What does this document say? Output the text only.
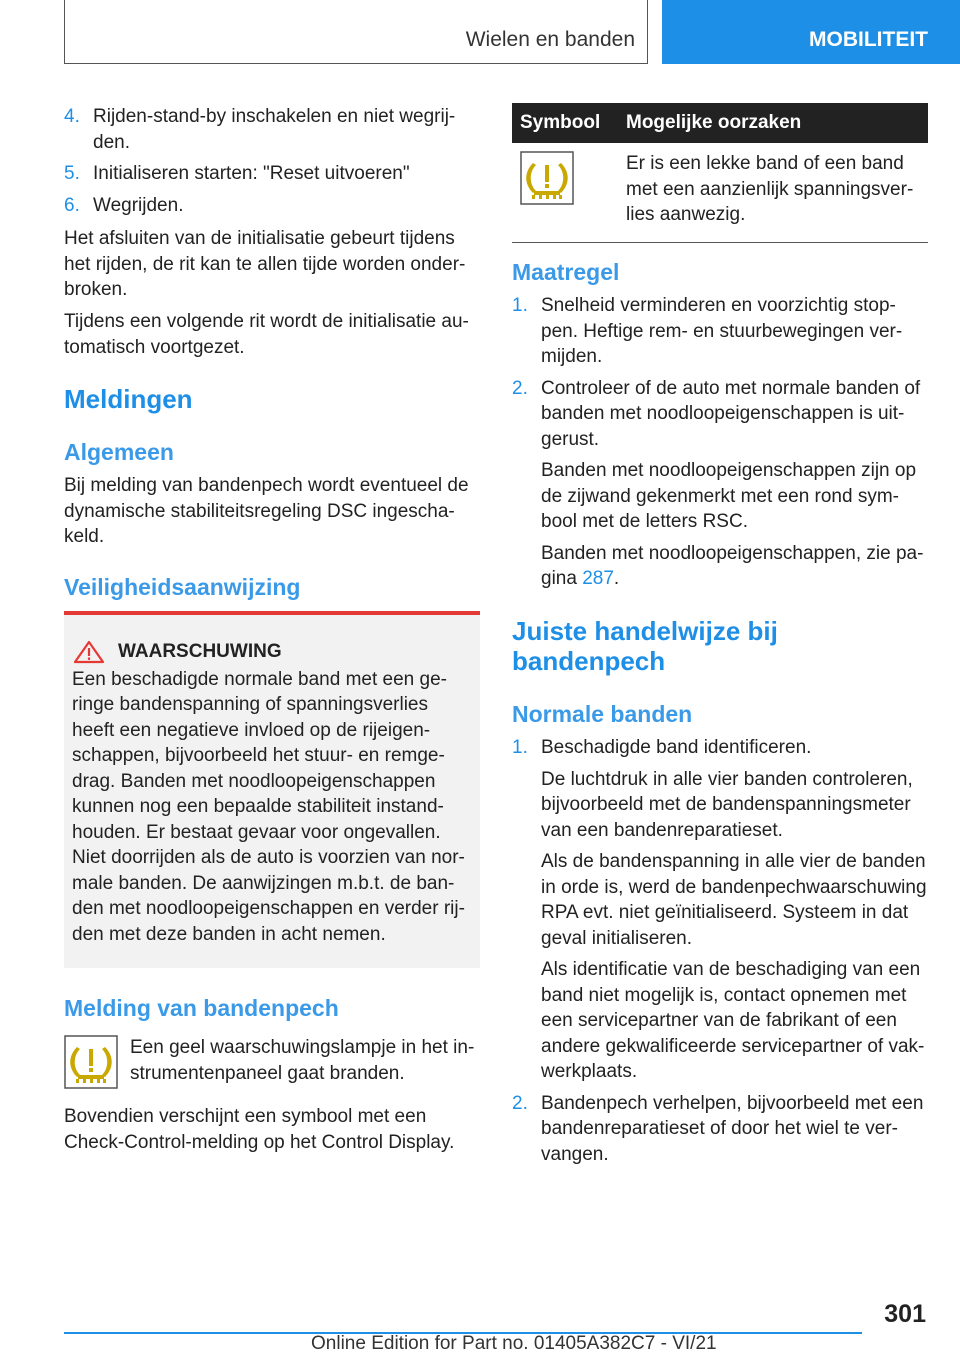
Wielen en banden	MOBILITEIT
4. Rijden-stand-by inschakelen en niet wegrij-den.

5. Initialiseren starten: "Reset uitvoeren"

6. Wegrijden.

Het afsluiten van de initialisatie gebeurt tijdens het rijden, de rit kan te allen tijde worden onder-broken.

Tijdens een volgende rit wordt de initialisatie au-tomatisch voortgezet.

Meldingen
Algemeen

Bij melding van bandenpech wordt eventueel de dynamische stabiliteitsregeling DSC ingescha-keld.

Veiligheidsaanwijzing
WAARSCHUWING

Een beschadigde normale band met een ge-ringe bandenspanning of spanningsverlies heeft een negatieve invloed op de rijeigen-schappen, bijvoorbeeld het stuur- en remge-drag. Banden met noodloopeigenschappen kunnen nog een bepaalde stabiliteit instand-houden. Er bestaat gevaar voor ongevallen. Niet doorrijden als de auto is voorzien van nor-male banden. De aanwijzingen m.b.t. de ban-den met noodloopeigenschappen en verder rij-den met deze banden in acht nemen.

Melding van bandenpech

Een geel waarschuwingslampje in het in-strumentenpaneel gaat branden.

Bovendien verschijnt een symbool met een Check-Control-melding op het Control Display.

Symbool	Mogelijke oorzaken
	Er is een lekke band of een band met een aanzienlijk spanningsver-lies aanwezig.
Maatregel
1. Snelheid verminderen en voorzichtig stop-pen. Heftige rem- en stuurbewegingen ver-mijden.

2. Controleer of de auto met normale banden of banden met noodloopeigenschappen is uit-gerust.

Banden met noodloopeigenschappen zijn op de zijwand gekenmerkt met een rond sym-bool met de letters RSC.

Banden met noodloopeigenschappen, zie pa-gina 287.

Juiste handelwijze bij bandenpech
Normale banden
1. Beschadigde band identificeren.

De luchtdruk in alle vier banden controleren, bijvoorbeeld met de bandenspanningsmeter van een bandenreparatieset.

Als de bandenspanning in alle vier de banden in orde is, werd de bandenpechwaarschuwing RPA evt. niet geïnitialiseerd. Systeem in dat geval initialiseren.

Als identificatie van de beschadiging van een band niet mogelijk is, contact opnemen met een servicepartner van de fabrikant of een andere gekwalificeerde servicepartner of vak-werkplaats.

2. Bandenpech verhelpen, bijvoorbeeld met een bandenreparatieset of door het wiel te ver-vangen.

301
Online Edition for Part no. 01405A382C7 - VI/21
